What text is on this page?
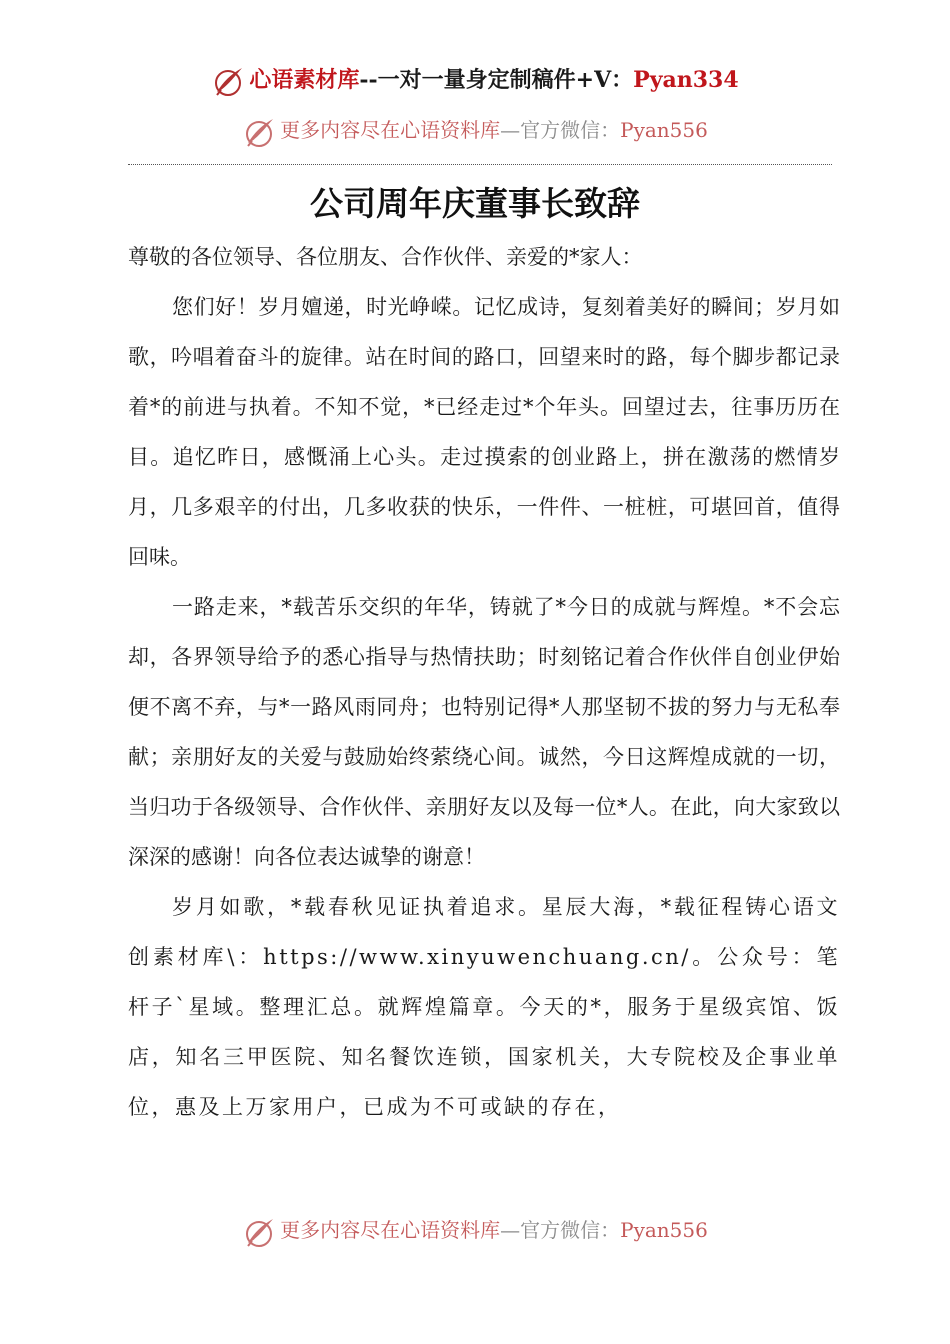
心语素材库--一对一量身定制稿件+V：Pyan334
更多内容尽在心语资料库—官方微信：Pyan556
公司周年庆董事长致辞

尊敬的各位领导、各位朋友、合作伙伴、亲爱的*家人：

您们好！岁月嬗递，时光峥嵘。记忆成诗，复刻着美好的瞬间；岁月如歌，吟唱着奋斗的旋律。站在时间的路口，回望来时的路，每个脚步都记录着*的前进与执着。不知不觉，*已经走过*个年头。回望过去，往事历历在目。追忆昨日，感慨涌上心头。走过摸索的创业路上，拼在激荡的燃情岁月，几多艰辛的付出，几多收获的快乐，一件件、一桩桩，可堪回首，值得回味。

一路走来，*载苦乐交织的年华，铸就了*今日的成就与辉煌。*不会忘却，各界领导给予的悉心指导与热情扶助；时刻铭记着合作伙伴自创业伊始便不离不弃，与*一路风雨同舟；也特别记得*人那坚韧不拔的努力与无私奉献；亲朋好友的关爱与鼓励始终萦绕心间。诚然，今日这辉煌成就的一切，当归功于各级领导、合作伙伴、亲朋好友以及每一位*人。在此，向大家致以深深的感谢！向各位表达诚挚的谢意！

岁月如歌，*载春秋见证执着追求。星辰大海，*载征程铸心语文创素材库\：https://www.xinyuwenchuang.cn/。公众号：笔杆子`星域。整理汇总。就辉煌篇章。今天的*，服务于星级宾馆、饭店，知名三甲医院、知名餐饮连锁，国家机关，大专院校及企事业单位，惠及上万家用户，已成为不可或缺的存在，

更多内容尽在心语资料库—官方微信：Pyan556
